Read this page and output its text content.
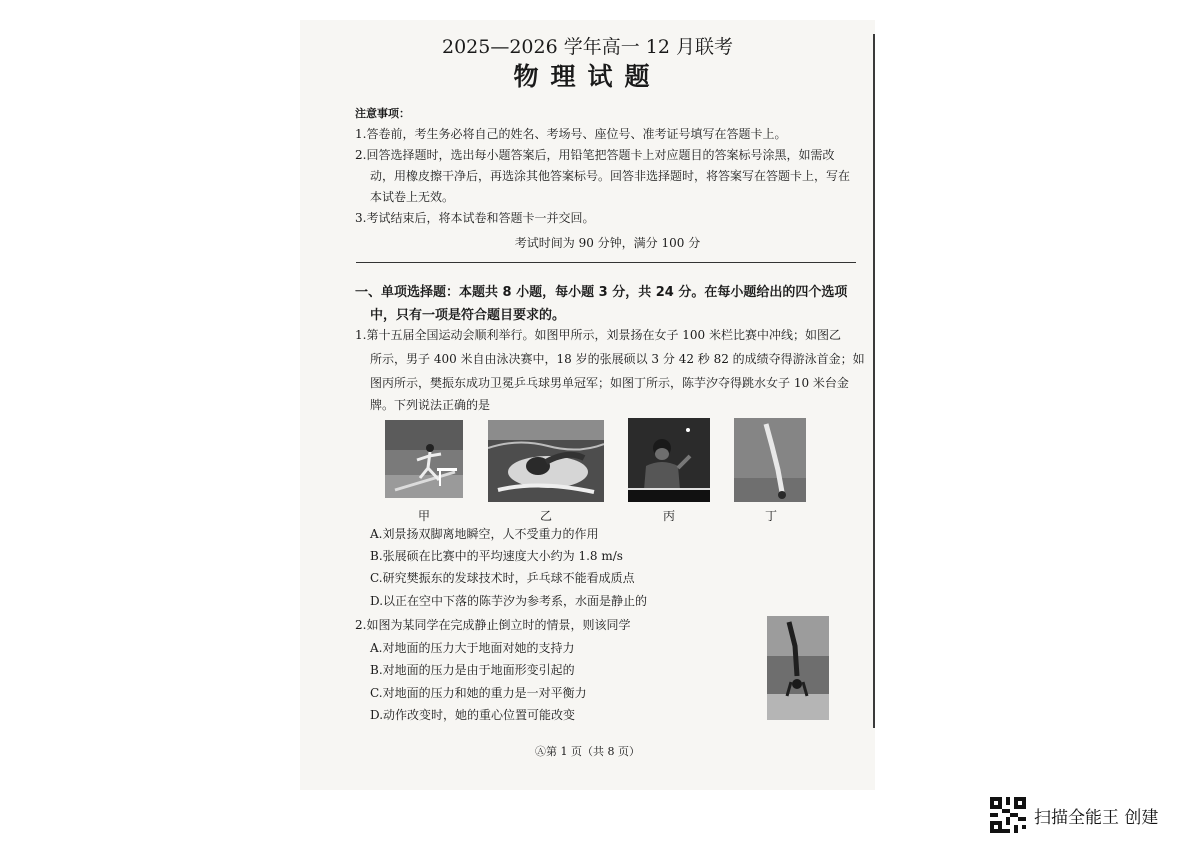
2025—2026 学年高一 12 月联考
物理试题
注意事项：
1.答卷前，考生务必将自己的姓名、考场号、座位号、准考证号填写在答题卡上。
2.回答选择题时，选出每小题答案后，用铅笔把答题卡上对应题目的答案标号涂黑，如需改
动，用橡皮擦干净后，再选涂其他答案标号。回答非选择题时，将答案写在答题卡上，写在
本试卷上无效。
3.考试结束后，将本试卷和答题卡一并交回。
考试时间为 90 分钟，满分 100 分
一、单项选择题：本题共 8 小题，每小题 3 分，共 24 分。在每小题给出的四个选项
中，只有一项是符合题目要求的。
1.第十五届全国运动会顺利举行。如图甲所示，刘景扬在女子 100 米栏比赛中冲线；如图乙
所示，男子 400 米自由泳决赛中，18 岁的张展硕以 3 分 42 秒 82 的成绩夺得游泳首金；如
图丙所示，樊振东成功卫冕乒乓球男单冠军；如图丁所示，陈芋汐夺得跳水女子 10 米台金
牌。下列说法正确的是
甲	乙	丙	丁
A.刘景扬双脚离地瞬空，人不受重力的作用
B.张展硕在比赛中的平均速度大小约为 1.8 m/s
C.研究樊振东的发球技术时，乒乓球不能看成质点
D.以正在空中下落的陈芋汐为参考系，水面是静止的
2.如图为某同学在完成静止倒立时的情景，则该同学
A.对地面的压力大于地面对她的支持力
B.对地面的压力是由于地面形变引起的
C.对地面的压力和她的重力是一对平衡力
D.动作改变时，她的重心位置可能改变
Ⓐ第 1 页（共 8 页）
扫描全能王 创建
